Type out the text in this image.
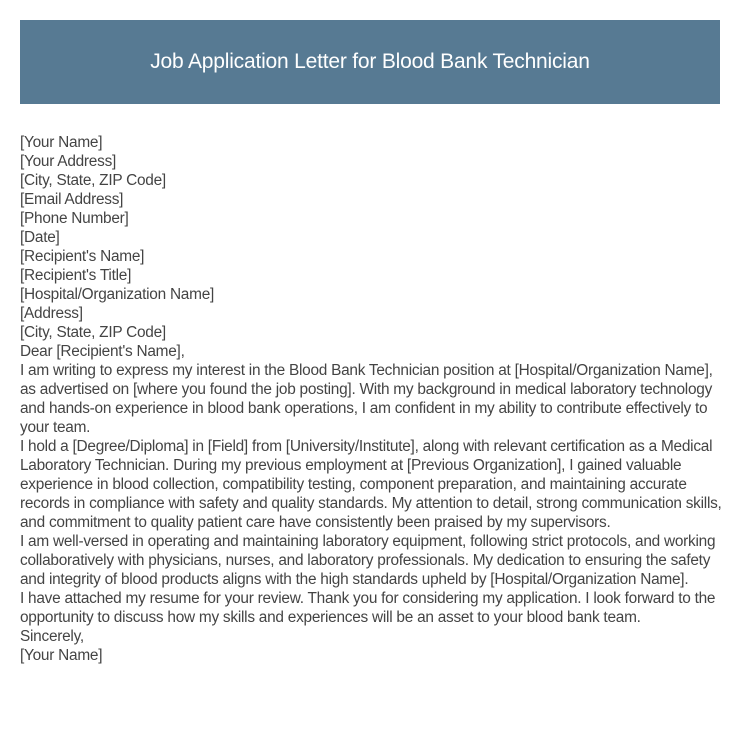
Job Application Letter for Blood Bank Technician
[Your Name]
[Your Address]
[City, State, ZIP Code]
[Email Address]
[Phone Number]
[Date]
[Recipient's Name]
[Recipient's Title]
[Hospital/Organization Name]
[Address]
[City, State, ZIP Code]
Dear [Recipient's Name],

I am writing to express my interest in the Blood Bank Technician position at [Hospital/Organization Name], as advertised on [where you found the job posting]. With my background in medical laboratory technology and hands-on experience in blood bank operations, I am confident in my ability to contribute effectively to your team.

I hold a [Degree/Diploma] in [Field] from [University/Institute], along with relevant certification as a Medical Laboratory Technician. During my previous employment at [Previous Organization], I gained valuable experience in blood collection, compatibility testing, component preparation, and maintaining accurate records in compliance with safety and quality standards. My attention to detail, strong communication skills, and commitment to quality patient care have consistently been praised by my supervisors.

I am well-versed in operating and maintaining laboratory equipment, following strict protocols, and working collaboratively with physicians, nurses, and laboratory professionals. My dedication to ensuring the safety and integrity of blood products aligns with the high standards upheld by [Hospital/Organization Name].

I have attached my resume for your review. Thank you for considering my application. I look forward to the opportunity to discuss how my skills and experiences will be an asset to your blood bank team.

Sincerely,
[Your Name]
